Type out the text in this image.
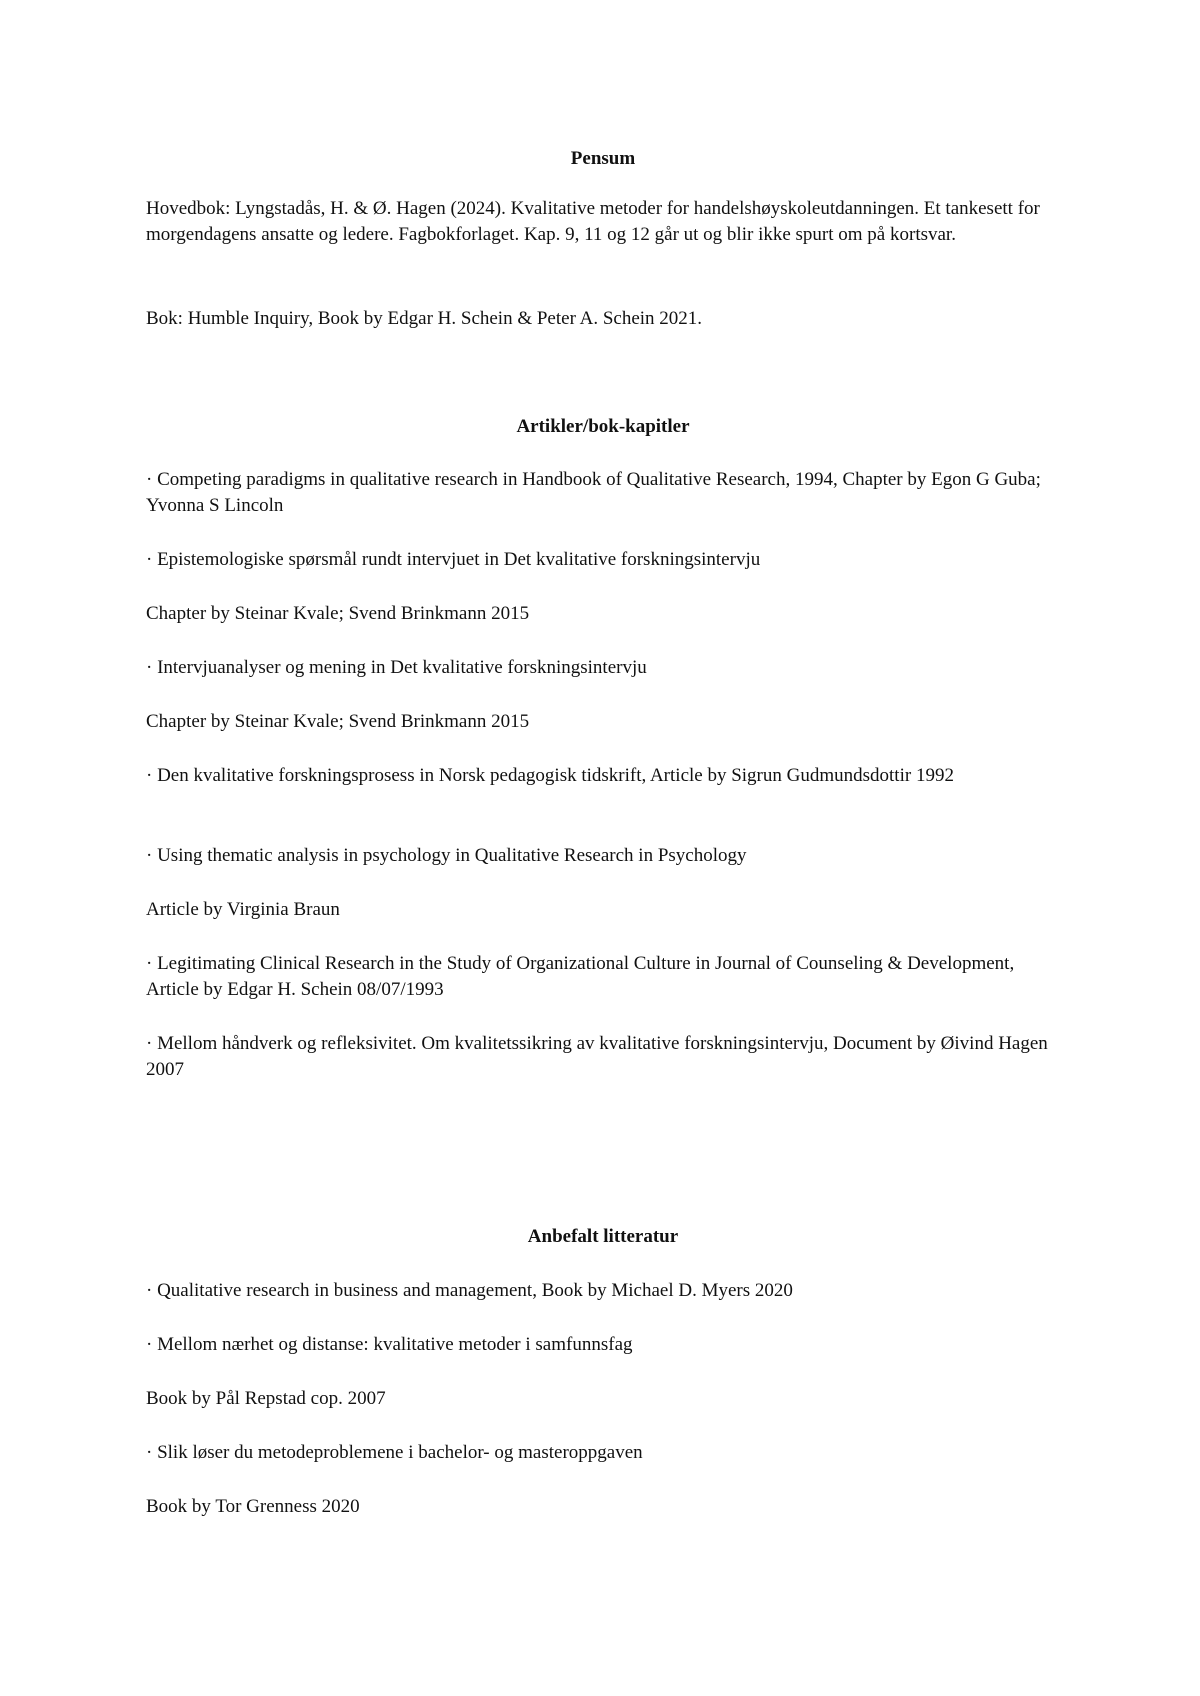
Pensum

Hovedbok: Lyngstadås, H. & Ø. Hagen (2024). Kvalitative metoder for handelshøyskoleutdanningen. Et tankesett for morgendagens ansatte og ledere. Fagbokforlaget. Kap. 9, 11 og 12 går ut og blir ikke spurt om på kortsvar.

Bok: Humble Inquiry, Book by Edgar H. Schein & Peter A. Schein 2021.

Artikler/bok-kapitler

· Competing paradigms in qualitative research in Handbook of Qualitative Research, 1994, Chapter by Egon G Guba; Yvonna S Lincoln

· Epistemologiske spørsmål rundt intervjuet in Det kvalitative forskningsintervju

Chapter by Steinar Kvale; Svend Brinkmann 2015

· Intervjuanalyser og mening in Det kvalitative forskningsintervju

Chapter by Steinar Kvale; Svend Brinkmann 2015

· Den kvalitative forskningsprosess in Norsk pedagogisk tidskrift, Article by Sigrun Gudmundsdottir 1992

· Using thematic analysis in psychology in Qualitative Research in Psychology

Article by Virginia Braun

· Legitimating Clinical Research in the Study of Organizational Culture in Journal of Counseling & Development, Article by Edgar H. Schein 08/07/1993

· Mellom håndverk og refleksivitet. Om kvalitetssikring av kvalitative forskningsintervju, Document by Øivind Hagen 2007

Anbefalt litteratur

· Qualitative research in business and management, Book by Michael D. Myers 2020

· Mellom nærhet og distanse: kvalitative metoder i samfunnsfag

Book by Pål Repstad cop. 2007

· Slik løser du metodeproblemene i bachelor- og masteroppgaven

Book by Tor Grenness 2020
